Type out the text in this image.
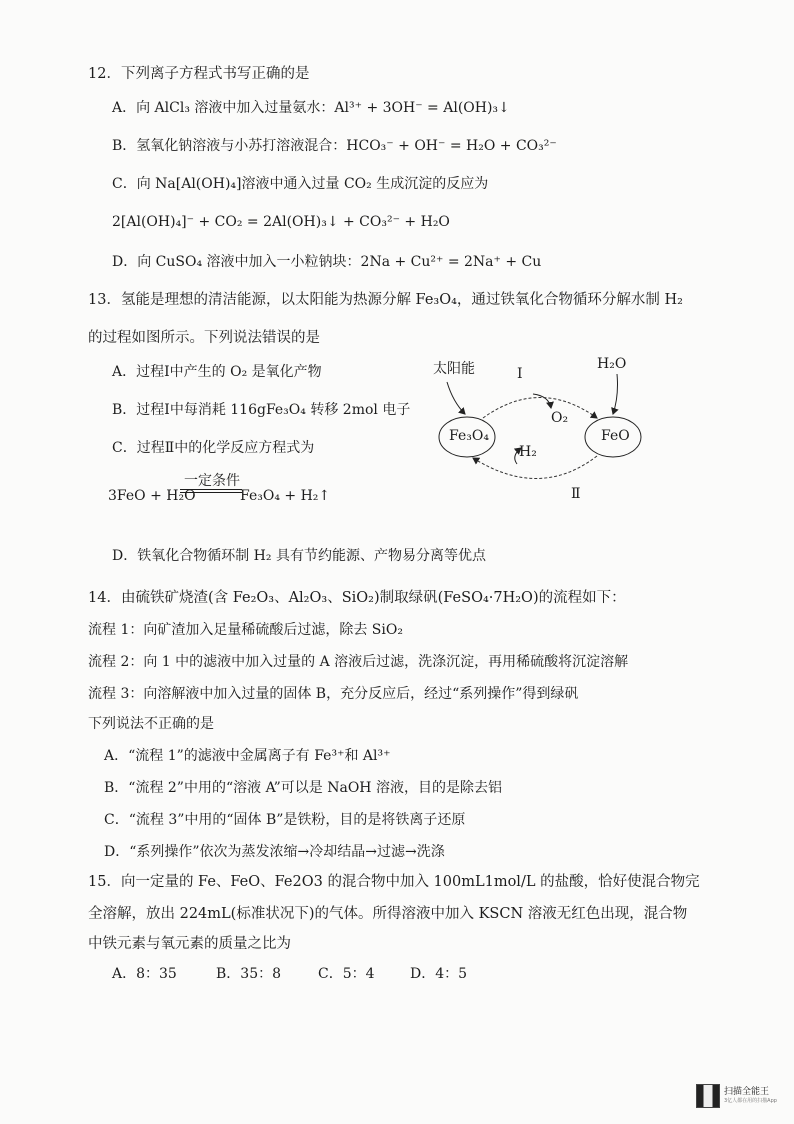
12．下列离子方程式书写正确的是
A．向 AlCl₃ 溶液中加入过量氨水：Al³⁺ + 3OH⁻ = Al(OH)₃↓
B．氢氧化钠溶液与小苏打溶液混合：HCO₃⁻ + OH⁻ = H₂O + CO₃²⁻
C．向 Na[Al(OH)₄]溶液中通入过量 CO₂ 生成沉淀的反应为
2[Al(OH)₄]⁻ + CO₂ = 2Al(OH)₃↓ + CO₃²⁻ + H₂O
D．向 CuSO₄ 溶液中加入一小粒钠块：2Na + Cu²⁺ = 2Na⁺ + Cu
13．氢能是理想的清洁能源，以太阳能为热源分解 Fe₃O₄，通过铁氧化合物循环分解水制 H₂
的过程如图所示。下列说法错误的是
A．过程Ⅰ中产生的 O₂ 是氧化产物
B．过程Ⅰ中每消耗 116gFe₃O₄ 转移 2mol 电子
C．过程Ⅱ中的化学反应方程式为
3FeO + H₂O
一定条件
Fe₃O₄ + H₂↑
D．铁氧化合物循环制 H₂ 具有节约能源、产物易分离等优点
太阳能	Ⅰ
H₂O
O₂
Fe₃O₄	FeO
H₂
Ⅱ
14．由硫铁矿烧渣(含 Fe₂O₃、Al₂O₃、SiO₂)制取绿矾(FeSO₄·7H₂O)的流程如下：
流程 1：向矿渣加入足量稀硫酸后过滤，除去 SiO₂
流程 2：向 1 中的滤液中加入过量的 A 溶液后过滤，洗涤沉淀，再用稀硫酸将沉淀溶解
流程 3：向溶解液中加入过量的固体 B，充分反应后，经过“系列操作”得到绿矾
下列说法不正确的是
A．“流程 1”的滤液中金属离子有 Fe³⁺和 Al³⁺
B．“流程 2”中用的“溶液 A”可以是 NaOH 溶液，目的是除去铝
C．“流程 3”中用的“固体 B”是铁粉，目的是将铁离子还原
D．“系列操作”依次为蒸发浓缩→冷却结晶→过滤→洗涤
15．向一定量的 Fe、FeO、Fe2O3 的混合物中加入 100mL1mol/L 的盐酸，恰好使混合物完
全溶解，放出 224mL(标准状况下)的气体。所得溶液中加入 KSCN 溶液无红色出现，混合物
中铁元素与氧元素的质量之比为
A．8：35	B．35：8	C．5：4	D．4：5
扫描全能王
3亿人都在用的扫描App
